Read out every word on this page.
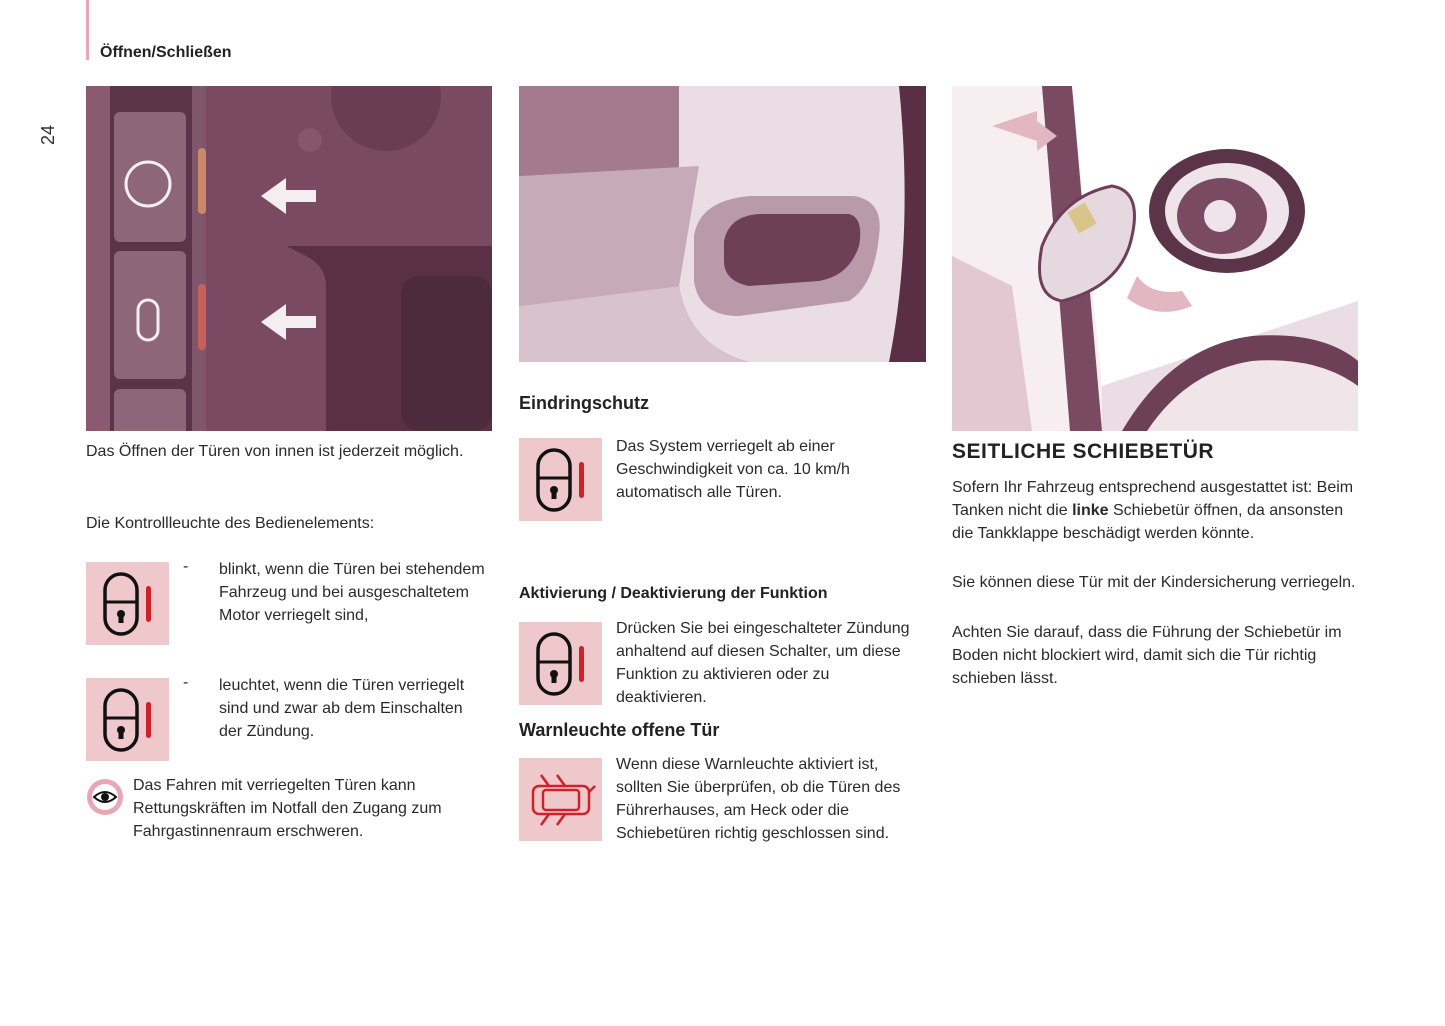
Öffnen/Schließen
24
Das Öffnen der Türen von innen ist jederzeit möglich.
Die Kontrollleuchte des Bedienelements:
- blinkt, wenn die Türen bei stehendem Fahrzeug und bei ausgeschaltetem Motor verriegelt sind,
- leuchtet, wenn die Türen verriegelt sind und zwar ab dem Einschalten der Zündung.
Das Fahren mit verriegelten Türen kann Rettungskräften im Notfall den Zugang zum Fahrgastinnenraum erschweren.
Eindringschutz
Das System verriegelt ab einer Geschwindigkeit von ca. 10 km/h automatisch alle Türen.
Aktivierung / Deaktivierung der Funktion
Drücken Sie bei eingeschalteter Zündung anhaltend auf diesen Schalter, um diese Funktion zu aktivieren oder zu deaktivieren.
Warnleuchte offene Tür
Wenn diese Warnleuchte aktiviert ist, sollten Sie überprüfen, ob die Türen des Führerhauses, am Heck oder die Schiebetüren richtig geschlossen sind.
SEITLICHE SCHIEBETÜR
Sofern Ihr Fahrzeug entsprechend ausgestattet ist: Beim Tanken nicht die linke Schiebetür öffnen, da ansonsten die Tankklappe beschädigt werden könnte.
Sie können diese Tür mit der Kindersicherung verriegeln.
Achten Sie darauf, dass die Führung der Schiebetür im Boden nicht blockiert wird, damit sich die Tür richtig schieben lässt.
